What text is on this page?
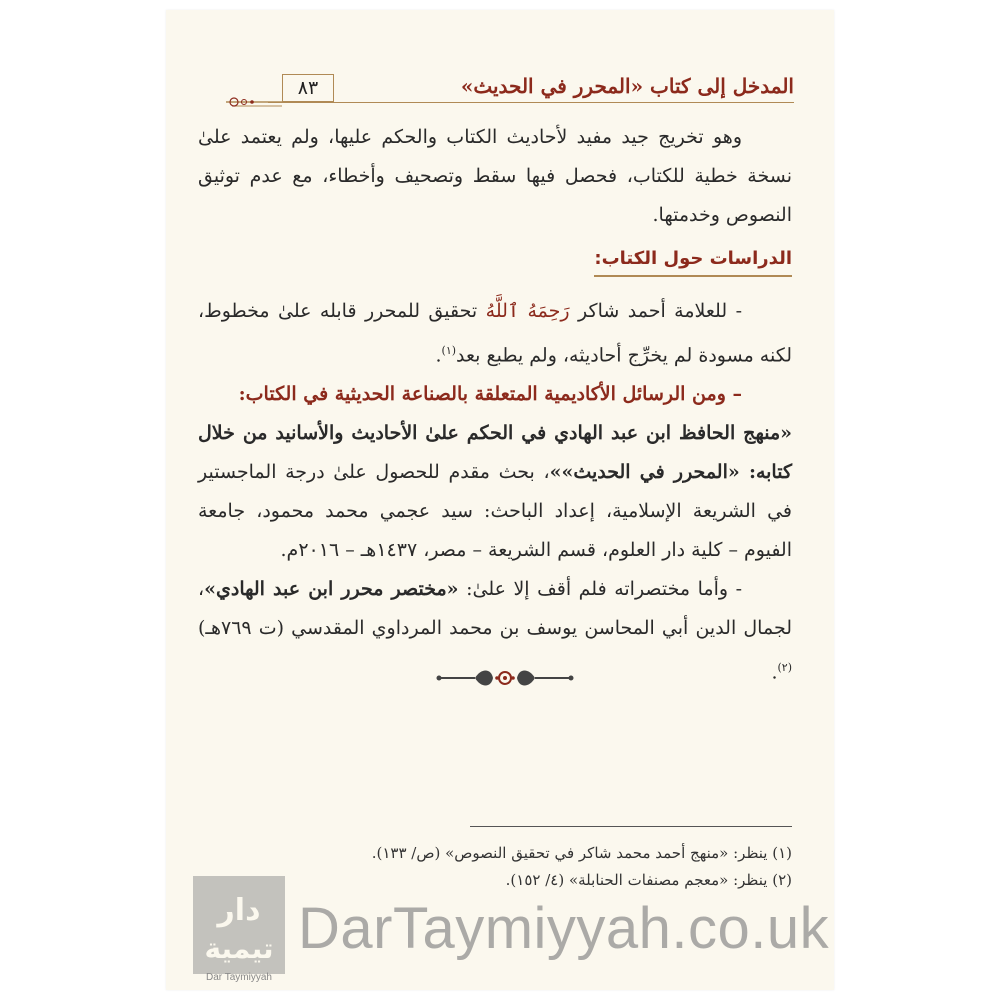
المدخل إلى كتاب «المحرر في الحديث»
٨٣

وهو تخريج جيد مفيد لأحاديث الكتاب والحكم عليها، ولم يعتمد علىٰ نسخة خطية للكتاب، فحصل فيها سقط وتصحيف وأخطاء، مع عدم توثيق النصوص وخدمتها.

الدراسات حول الكتاب:

- للعلامة أحمد شاكر رَحِمَهُ ٱللَّهُ تحقيق للمحرر قابله علىٰ مخطوط، لكنه مسودة لم يخرِّج أحاديثه، ولم يطبع بعد$^{(١)}$.

– ومن الرسائل الأكاديمية المتعلقة بالصناعة الحديثية في الكتاب:

«منهج الحافظ ابن عبد الهادي في الحكم علىٰ الأحاديث والأسانيد من خلال كتابه: «المحرر في الحديث»»، بحث مقدم للحصول علىٰ درجة الماجستير في الشريعة الإسلامية، إعداد الباحث: سيد عجمي محمد محمود، جامعة الفيوم – كلية دار العلوم، قسم الشريعة – مصر، ١٤٣٧هـ – ٢٠١٦م.

- وأما مختصراته فلم أقف إلا علىٰ: «مختصر محرر ابن عبد الهادي»، لجمال الدين أبي المحاسن يوسف بن محمد المرداوي المقدسي (ت ٧٦٩هـ)$^{(٢)}$.

(١) ينظر: «منهج أحمد محمد شاكر في تحقيق النصوص» (ص/ ١٣٣).

(٢) ينظر: «معجم مصنفات الحنابلة» (٤/ ١٥٢).

دار
تيمية
Dar Taymiyyah
DarTaymiyyah.co.uk
